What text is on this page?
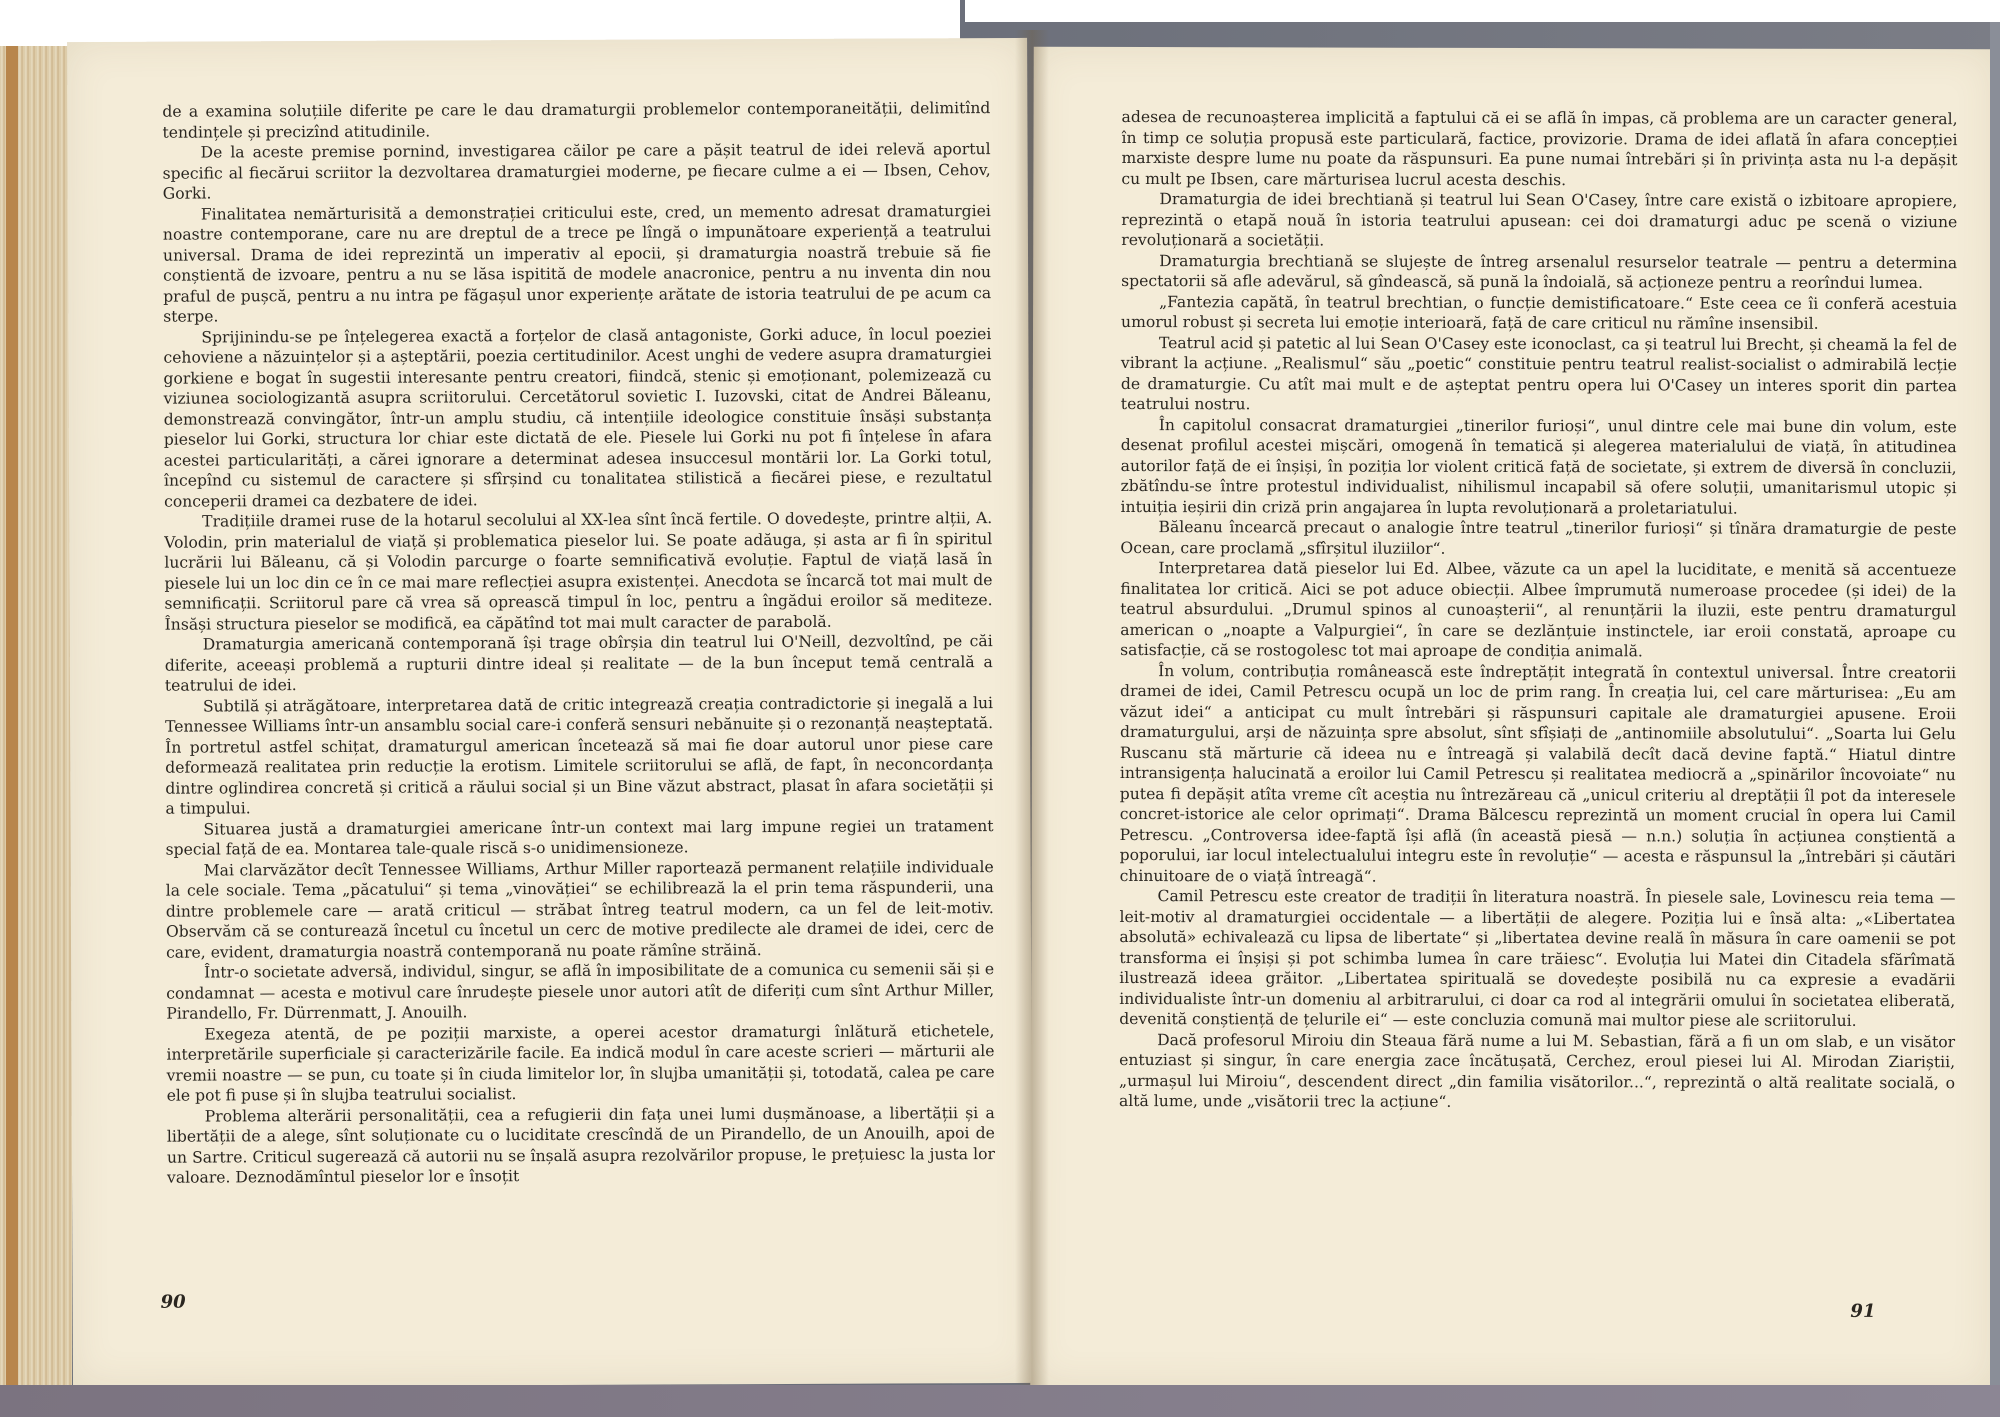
de a examina soluțiile diferite pe care le dau dramaturgii problemelor contemporaneității, delimitînd tendințele și precizînd atitudinile.

De la aceste premise pornind, investigarea căilor pe care a pășit teatrul de idei relevă aportul specific al fiecărui scriitor la dezvoltarea dramaturgiei moderne, pe fiecare culme a ei — Ibsen, Cehov, Gorki.

Finalitatea nemărturisită a demonstrației criticului este, cred, un memento adresat dramaturgiei noastre contemporane, care nu are dreptul de a trece pe lîngă o impunătoare experiență a teatrului universal. Drama de idei reprezintă un imperativ al epocii, și dramaturgia noastră trebuie să fie conștientă de izvoare, pentru a nu se lăsa ispitită de modele anacronice, pentru a nu inventa din nou praful de pușcă, pentru a nu intra pe făgașul unor experiențe arătate de istoria teatrului de pe acum ca sterpe.

Sprijinindu-se pe înțelegerea exactă a forțelor de clasă antagoniste, Gorki aduce, în locul poeziei cehoviene a năzuințelor și a așteptării, poezia certitudinilor. Acest unghi de vedere asupra dramaturgiei gorkiene e bogat în sugestii interesante pentru creatori, fiindcă, stenic și emoționant, polemizează cu viziunea sociologizantă asupra scriitorului. Cercetătorul sovietic I. Iuzovski, citat de Andrei Băleanu, demonstrează convingător, într-un amplu studiu, că intențiile ideologice constituie însăși substanța pieselor lui Gorki, structura lor chiar este dictată de ele. Piesele lui Gorki nu pot fi înțelese în afara acestei particularități, a cărei ignorare a determinat adesea insuccesul montării lor. La Gorki totul, începînd cu sistemul de caractere și sfîrșind cu tonalitatea stilistică a fiecărei piese, e rezultatul conceperii dramei ca dezbatere de idei.

Tradițiile dramei ruse de la hotarul secolului al XX-lea sînt încă fertile. O dovedește, printre alții, A. Volodin, prin materialul de viață și problematica pieselor lui. Se poate adăuga, și asta ar fi în spiritul lucrării lui Băleanu, că și Volodin parcurge o foarte semnificativă evoluție. Faptul de viață lasă în piesele lui un loc din ce în ce mai mare reflecției asupra existenței. Anecdota se încarcă tot mai mult de semnificații. Scriitorul pare că vrea să oprească timpul în loc, pentru a îngădui eroilor să mediteze. Însăși structura pieselor se modifică, ea căpătînd tot mai mult caracter de parabolă.

Dramaturgia americană contemporană își trage obîrșia din teatrul lui O'Neill, dezvoltînd, pe căi diferite, aceeași problemă a rupturii dintre ideal și realitate — de la bun început temă centrală a teatrului de idei.

Subtilă și atrăgătoare, interpretarea dată de critic integrează creația contradictorie și inegală a lui Tennessee Williams într-un ansamblu social care-i conferă sensuri nebănuite și o rezonanță neașteptată. În portretul astfel schițat, dramaturgul american încetează să mai fie doar autorul unor piese care deformează realitatea prin reducție la erotism. Limitele scriitorului se află, de fapt, în neconcordanța dintre oglindirea concretă și critică a răului social și un Bine văzut abstract, plasat în afara societății și a timpului.

Situarea justă a dramaturgiei americane într-un context mai larg impune regiei un tratament special față de ea. Montarea tale-quale riscă s-o unidimensioneze.

Mai clarvăzător decît Tennessee Williams, Arthur Miller raportează permanent relațiile individuale la cele sociale. Tema „păcatului“ și tema „vinovăției“ se echilibrează la el prin tema răspunderii, una dintre problemele care — arată criticul — străbat întreg teatrul modern, ca un fel de leit-motiv. Observăm că se conturează încetul cu încetul un cerc de motive predilecte ale dramei de idei, cerc de care, evident, dramaturgia noastră contemporană nu poate rămîne străină.

Într-o societate adversă, individul, singur, se află în imposibilitate de a comunica cu semenii săi și e condamnat — acesta e motivul care înrudește piesele unor autori atît de diferiți cum sînt Arthur Miller, Pirandello, Fr. Dürrenmatt, J. Anouilh.

Exegeza atentă, de pe poziții marxiste, a operei acestor dramaturgi înlătură etichetele, interpretările superficiale și caracterizările facile. Ea indică modul în care aceste scrieri — mărturii ale vremii noastre — se pun, cu toate și în ciuda limitelor lor, în slujba umanității și, totodată, calea pe care ele pot fi puse și în slujba teatrului socialist.

Problema alterării personalității, cea a refugierii din fața unei lumi dușmănoase, a libertății și a libertății de a alege, sînt soluționate cu o luciditate crescîndă de un Pirandello, de un Anouilh, apoi de un Sartre. Criticul sugerează că autorii nu se înșală asupra rezolvărilor propuse, le prețuiesc la justa lor valoare. Deznodămîntul pieselor lor e însoțit

90

adesea de recunoașterea implicită a faptului că ei se află în impas, că problema are un caracter general, în timp ce soluția propusă este particulară, factice, provizorie. Drama de idei aflată în afara concepției marxiste despre lume nu poate da răspunsuri. Ea pune numai întrebări și în privința asta nu l-a depășit cu mult pe Ibsen, care mărturisea lucrul acesta deschis.

Dramaturgia de idei brechtiană și teatrul lui Sean O'Casey, între care există o izbitoare apropiere, reprezintă o etapă nouă în istoria teatrului apusean: cei doi dramaturgi aduc pe scenă o viziune revoluționară a societății.

Dramaturgia brechtiană se slujește de întreg arsenalul resurselor teatrale — pentru a determina spectatorii să afle adevărul, să gîndească, să pună la îndoială, să acționeze pentru a reorîndui lumea.

„Fantezia capătă, în teatrul brechtian, o funcție demistificatoare.“ Este ceea ce îi conferă acestuia umorul robust și secreta lui emoție interioară, față de care criticul nu rămîne insensibil.

Teatrul acid și patetic al lui Sean O'Casey este iconoclast, ca și teatrul lui Brecht, și cheamă la fel de vibrant la acțiune. „Realismul“ său „poetic“ constituie pentru teatrul realist-socialist o admirabilă lecție de dramaturgie. Cu atît mai mult e de așteptat pentru opera lui O'Casey un interes sporit din partea teatrului nostru.

În capitolul consacrat dramaturgiei „tinerilor furioși“, unul dintre cele mai bune din volum, este desenat profilul acestei mișcări, omogenă în tematică și alegerea materialului de viață, în atitudinea autorilor față de ei înșiși, în poziția lor violent critică față de societate, și extrem de diversă în concluzii, zbătîndu-se între protestul individualist, nihilismul incapabil să ofere soluții, umanitarismul utopic și intuiția ieșirii din criză prin angajarea în lupta revoluționară a proletariatului.

Băleanu încearcă precaut o analogie între teatrul „tinerilor furioși“ și tînăra dramaturgie de peste Ocean, care proclamă „sfîrșitul iluziilor“.

Interpretarea dată pieselor lui Ed. Albee, văzute ca un apel la luciditate, e menită să accentueze finalitatea lor critică. Aici se pot aduce obiecții. Albee împrumută numeroase procedee (și idei) de la teatrul absurdului. „Drumul spinos al cunoașterii“, al renunțării la iluzii, este pentru dramaturgul american o „noapte a Valpurgiei“, în care se dezlănțuie instinctele, iar eroii constată, aproape cu satisfacție, că se rostogolesc tot mai aproape de condiția animală.

În volum, contribuția românească este îndreptățit integrată în contextul universal. Între creatorii dramei de idei, Camil Petrescu ocupă un loc de prim rang. În creația lui, cel care mărturisea: „Eu am văzut idei“ a anticipat cu mult întrebări și răspunsuri capitale ale dramaturgiei apusene. Eroii dramaturgului, arși de năzuința spre absolut, sînt sfîșiați de „antinomiile absolutului“. „Soarta lui Gelu Ruscanu stă mărturie că ideea nu e întreagă și valabilă decît dacă devine faptă.“ Hiatul dintre intransigența halucinată a eroilor lui Camil Petrescu și realitatea mediocră a „spinărilor încovoiate“ nu putea fi depășit atîta vreme cît aceștia nu întrezăreau că „unicul criteriu al dreptății îl pot da interesele concret-istorice ale celor oprimați“. Drama Bălcescu reprezintă un moment crucial în opera lui Camil Petrescu. „Controversa idee-faptă își află (în această piesă — n.n.) soluția în acțiunea conștientă a poporului, iar locul intelectualului integru este în revoluție“ — acesta e răspunsul la „întrebări și căutări chinuitoare de o viață întreagă“.

Camil Petrescu este creator de tradiții în literatura noastră. În piesele sale, Lovinescu reia tema — leit-motiv al dramaturgiei occidentale — a libertății de alegere. Poziția lui e însă alta: „«Libertatea absolută» echivalează cu lipsa de libertate“ și „libertatea devine reală în măsura în care oamenii se pot transforma ei înșiși și pot schimba lumea în care trăiesc“. Evoluția lui Matei din Citadela sfărîmată ilustrează ideea grăitor. „Libertatea spirituală se dovedește posibilă nu ca expresie a evadării individualiste într-un domeniu al arbitrarului, ci doar ca rod al integrării omului în societatea eliberată, devenită conștiență de țelurile ei“ — este concluzia comună mai multor piese ale scriitorului.

Dacă profesorul Miroiu din Steaua fără nume a lui M. Sebastian, fără a fi un om slab, e un visător entuziast și singur, în care energia zace încătușată, Cerchez, eroul piesei lui Al. Mirodan Ziariștii, „urmașul lui Miroiu“, descendent direct „din familia visătorilor...“, reprezintă o altă realitate socială, o altă lume, unde „visătorii trec la acțiune“.

91
